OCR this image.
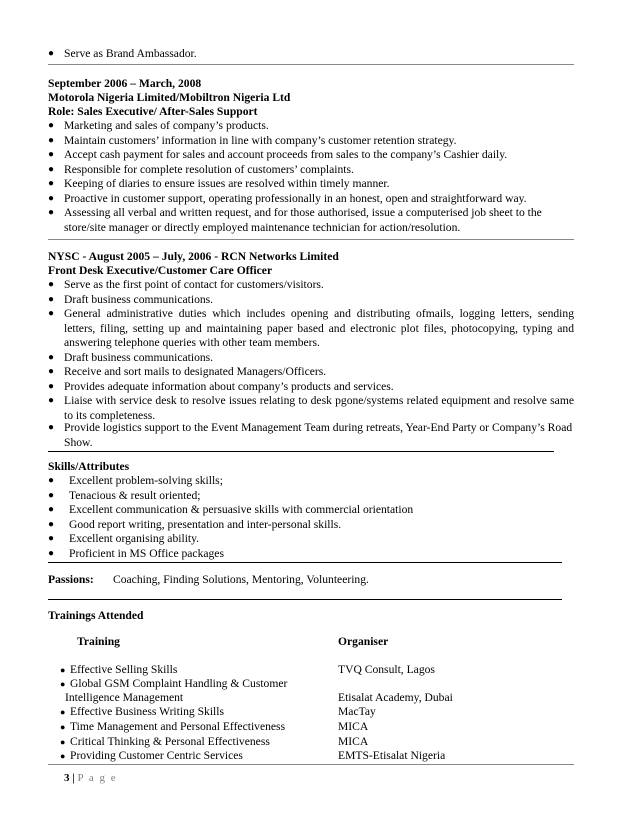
● Serve as Brand Ambassador.
September 2006 – March, 2008
Motorola Nigeria Limited/Mobiltron Nigeria Ltd
Role: Sales Executive/ After-Sales Support
● Marketing and sales of company’s products.
● Maintain customers’ information in line with company’s customer retention strategy.
● Accept cash payment for sales and account proceeds from sales to the company’s Cashier daily.
● Responsible for complete resolution of customers’ complaints.
● Keeping of diaries to ensure issues are resolved within timely manner.
● Proactive in customer support, operating professionally in an honest, open and straightforward way.
● Assessing all verbal and written request, and for those authorised, issue a computerised job sheet to the store/site manager or directly employed maintenance technician for action/resolution.
NYSC - August 2005 – July, 2006 - RCN Networks Limited
Front Desk Executive/Customer Care Officer
● Serve as the first point of contact for customers/visitors.
● Draft business communications.
● General administrative duties which includes opening and distributing ofmails, logging letters, sending letters, filing, setting up and maintaining paper based and electronic plot files, photocopying, typing and answering telephone queries with other team members.
● Draft business communications.
● Receive and sort mails to designated Managers/Officers.
● Provides adequate information about company’s products and services.
● Liaise with service desk to resolve issues relating to desk pgone/systems related equipment and resolve same to its completeness.
● Provide logistics support to the Event Management Team during retreats, Year-End Party or Company’s Road Show.
Skills/Attributes
● Excellent problem-solving skills;
● Tenacious & result oriented;
● Excellent communication & persuasive skills with commercial orientation
● Good report writing, presentation and inter-personal skills.
● Excellent organising ability.
● Proficient in MS Office packages
Passions: Coaching, Finding Solutions, Mentoring, Volunteering.
Trainings Attended
Training	Organiser
● Effective Selling Skills	TVQ Consult, Lagos
● Global GSM Complaint Handling & Customer
Intelligence Management	Etisalat Academy, Dubai
● Effective Business Writing Skills	MacTay
● Time Management and Personal Effectiveness	MICA
● Critical Thinking & Personal Effectiveness	MICA
● Providing Customer Centric Services	EMTS-Etisalat Nigeria
3 | P a g e
